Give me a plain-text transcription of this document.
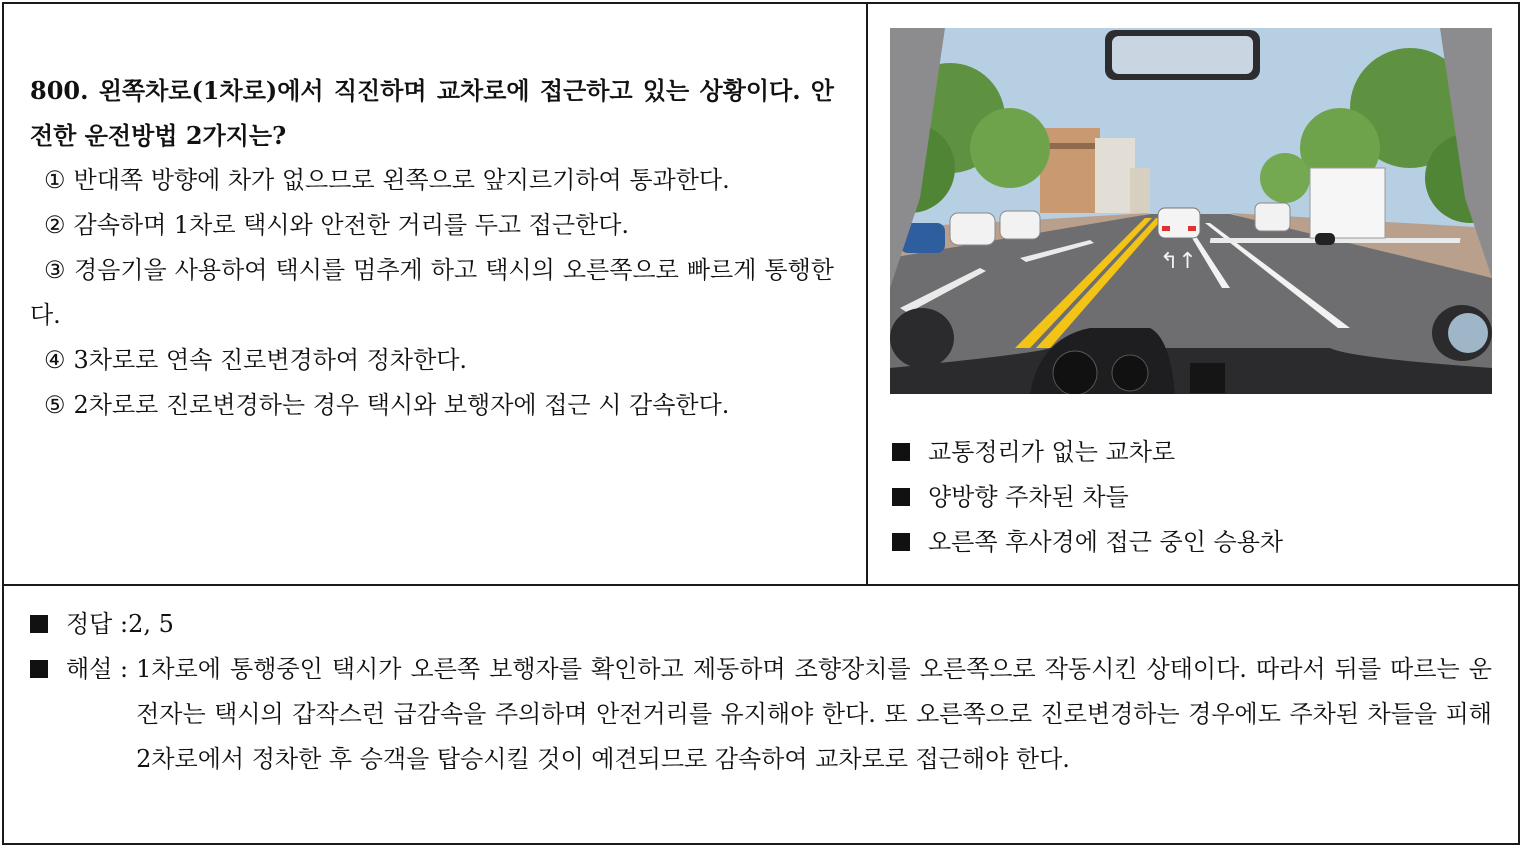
800. 왼쪽차로(1차로)에서 직진하며 교차로에 접근하고 있는 상황이다. 안전한 운전방법 2가지는?
① 반대쪽 방향에 차가 없으므로 왼쪽으로 앞지르기하여 통과한다.
② 감속하며 1차로 택시와 안전한 거리를 두고 접근한다.
③ 경음기을 사용하여 택시를 멈추게 하고 택시의 오른쪽으로 빠르게 통행한다.
④ 3차로로 연속 진로변경하여 정차한다.
⑤ 2차로로 진로변경하는 경우 택시와 보행자에 접근 시 감속한다.
↰↑
교통정리가 없는 교차로
양방향 주차된 차들
오른쪽 후사경에 접근 중인 승용차
정답 :2, 5
해설 : 1차로에 통행중인 택시가 오른쪽 보행자를 확인하고 제동하며 조향장치를 오른쪽으로 작동시킨 상태이다. 따라서 뒤를 따르는 운전자는 택시의 갑작스런 급감속을 주의하며 안전거리를 유지해야 한다. 또 오른쪽으로 진로변경하는 경우에도 주차된 차들을 피해 2차로에서 정차한 후 승객을 탑승시킬 것이 예견되므로 감속하여 교차로로 접근해야 한다.
